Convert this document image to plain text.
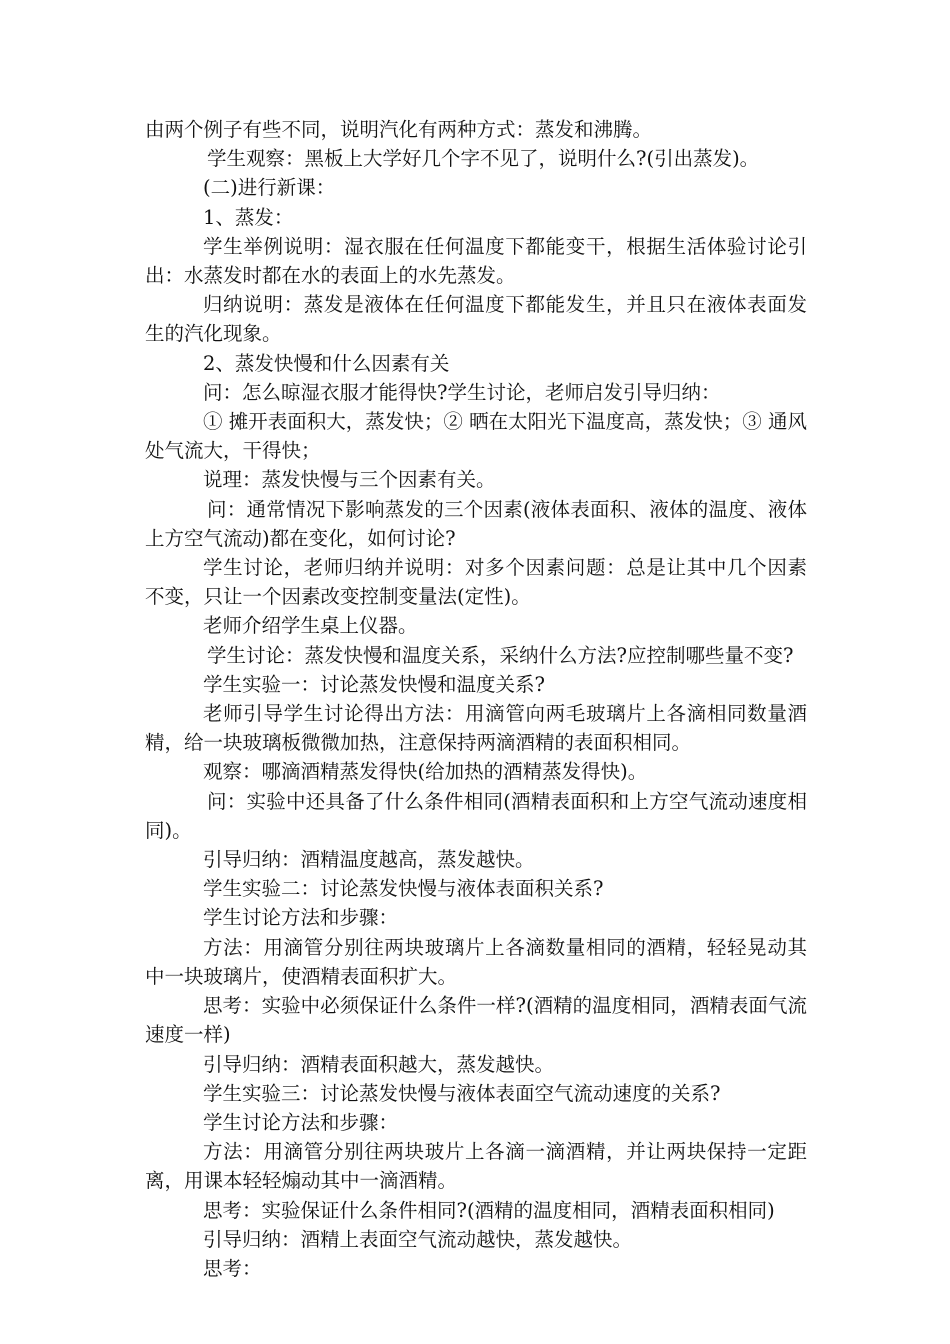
由两个例子有些不同，说明汽化有两种方式：蒸发和沸腾。

学生观察：黑板上大学好几个字不见了，说明什么?(引出蒸发)。

(二)进行新课：

1、蒸发：

学生举例说明：湿衣服在任何温度下都能变干，根据生活体验讨论引出：水蒸发时都在水的表面上的水先蒸发。

归纳说明：蒸发是液体在任何温度下都能发生，并且只在液体表面发生的汽化现象。

2、蒸发快慢和什么因素有关

问：怎么晾湿衣服才能得快?学生讨论，老师启发引导归纳：

① 摊开表面积大，蒸发快；② 晒在太阳光下温度高，蒸发快；③ 通风处气流大，干得快；

说理：蒸发快慢与三个因素有关。

问：通常情况下影响蒸发的三个因素(液体表面积、液体的温度、液体上方空气流动)都在变化，如何讨论?

学生讨论，老师归纳并说明：对多个因素问题：总是让其中几个因素不变，只让一个因素改变控制变量法(定性)。

老师介绍学生桌上仪器。

学生讨论：蒸发快慢和温度关系，采纳什么方法?应控制哪些量不变?

学生实验一：讨论蒸发快慢和温度关系?

老师引导学生讨论得出方法：用滴管向两毛玻璃片上各滴相同数量酒精，给一块玻璃板微微加热，注意保持两滴酒精的表面积相同。

观察：哪滴酒精蒸发得快(给加热的酒精蒸发得快)。

问：实验中还具备了什么条件相同(酒精表面积和上方空气流动速度相同)。

引导归纳：酒精温度越高，蒸发越快。

学生实验二：讨论蒸发快慢与液体表面积关系?

学生讨论方法和步骤：

方法：用滴管分别往两块玻璃片上各滴数量相同的酒精，轻轻晃动其中一块玻璃片，使酒精表面积扩大。

思考：实验中必须保证什么条件一样?(酒精的温度相同，酒精表面气流速度一样)

引导归纳：酒精表面积越大，蒸发越快。

学生实验三：讨论蒸发快慢与液体表面空气流动速度的关系?

学生讨论方法和步骤：

方法：用滴管分别往两块玻片上各滴一滴酒精，并让两块保持一定距离，用课本轻轻煽动其中一滴酒精。

思考：实验保证什么条件相同?(酒精的温度相同，酒精表面积相同)

引导归纳：酒精上表面空气流动越快，蒸发越快。

思考：
